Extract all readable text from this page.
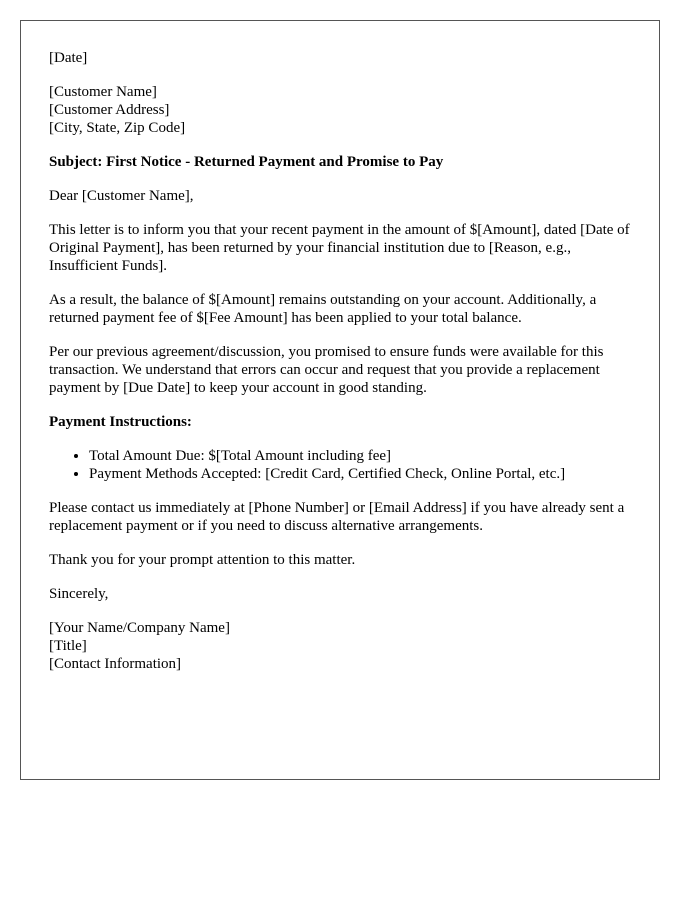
[Date]

[Customer Name]
[Customer Address]
[City, State, Zip Code]

Subject: First Notice - Returned Payment and Promise to Pay

Dear [Customer Name],

This letter is to inform you that your recent payment in the amount of $[Amount], dated [Date of Original Payment], has been returned by your financial institution due to [Reason, e.g., Insufficient Funds].

As a result, the balance of $[Amount] remains outstanding on your account. Additionally, a returned payment fee of $[Fee Amount] has been applied to your total balance.

Per our previous agreement/discussion, you promised to ensure funds were available for this transaction. We understand that errors can occur and request that you provide a replacement payment by [Due Date] to keep your account in good standing.

Payment Instructions:

• Total Amount Due: $[Total Amount including fee]
• Payment Methods Accepted: [Credit Card, Certified Check, Online Portal, etc.]

Please contact us immediately at [Phone Number] or [Email Address] if you have already sent a replacement payment or if you need to discuss alternative arrangements.

Thank you for your prompt attention to this matter.

Sincerely,

[Your Name/Company Name]
[Title]
[Contact Information]
